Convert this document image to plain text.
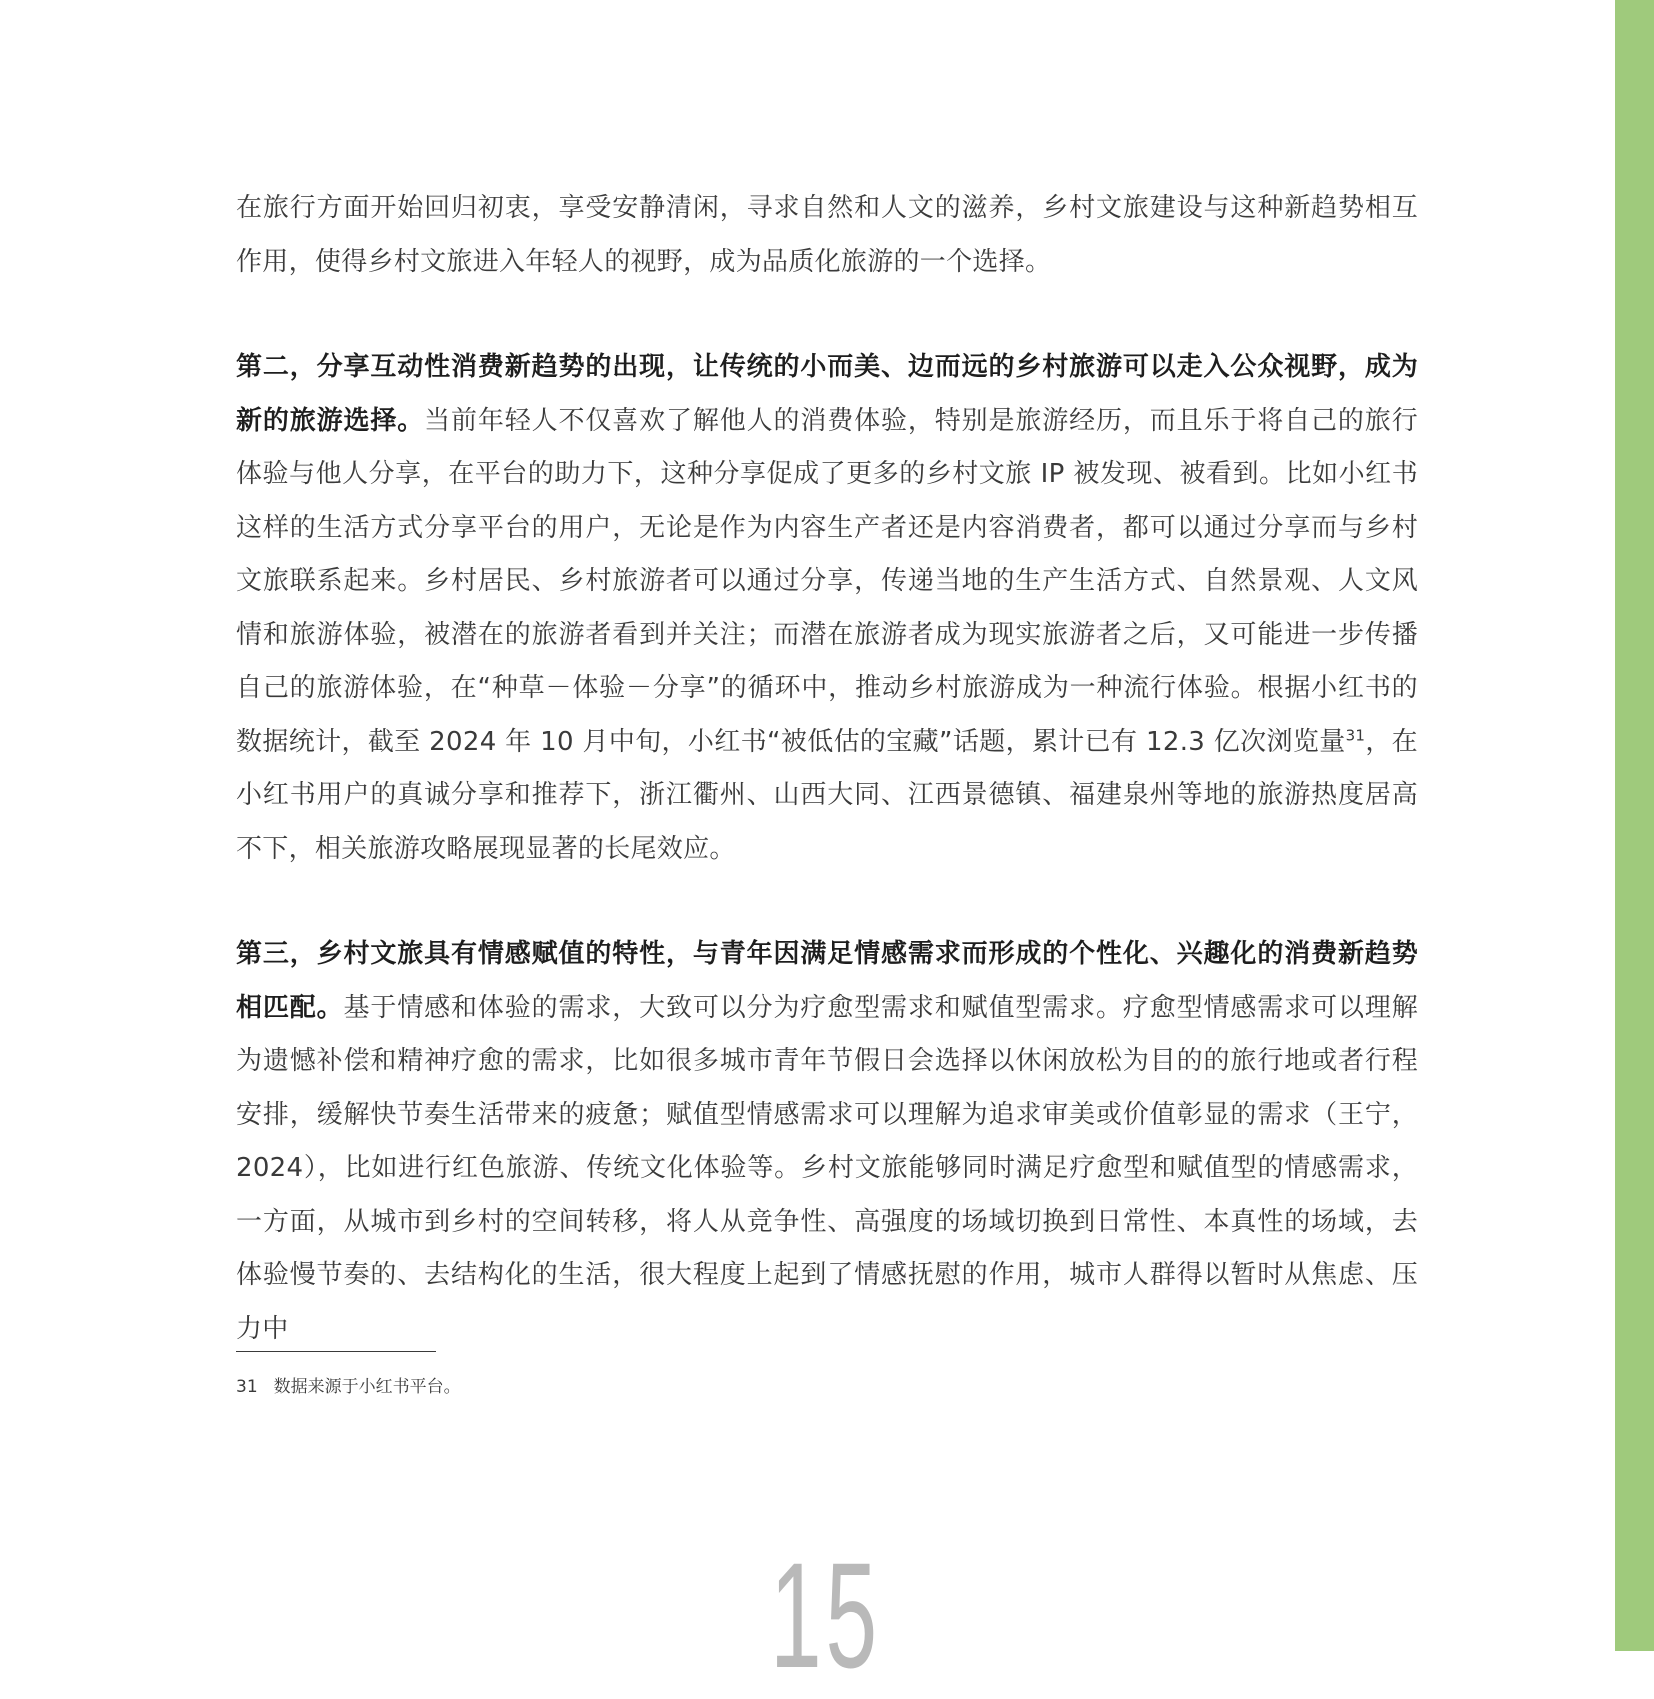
在旅行方面开始回归初衷，享受安静清闲，寻求自然和人文的滋养，乡村文旅建设与这种新趋势相互作用，使得乡村文旅进入年轻人的视野，成为品质化旅游的一个选择。

第二，分享互动性消费新趋势的出现，让传统的小而美、边而远的乡村旅游可以走入公众视野，成为新的旅游选择。当前年轻人不仅喜欢了解他人的消费体验，特别是旅游经历，而且乐于将自己的旅行体验与他人分享，在平台的助力下，这种分享促成了更多的乡村文旅 IP 被发现、被看到。比如小红书这样的生活方式分享平台的用户，无论是作为内容生产者还是内容消费者，都可以通过分享而与乡村文旅联系起来。乡村居民、乡村旅游者可以通过分享，传递当地的生产生活方式、自然景观、人文风情和旅游体验，被潜在的旅游者看到并关注；而潜在旅游者成为现实旅游者之后，又可能进一步传播自己的旅游体验，在“种草－体验－分享”的循环中，推动乡村旅游成为一种流行体验。根据小红书的数据统计，截至 2024 年 10 月中旬，小红书“被低估的宝藏”话题，累计已有 12.3 亿次浏览量$^{31}$，在小红书用户的真诚分享和推荐下，浙江衢州、山西大同、江西景德镇、福建泉州等地的旅游热度居高不下，相关旅游攻略展现显著的长尾效应。

第三，乡村文旅具有情感赋值的特性，与青年因满足情感需求而形成的个性化、兴趣化的消费新趋势相匹配。基于情感和体验的需求，大致可以分为疗愈型需求和赋值型需求。疗愈型情感需求可以理解为遗憾补偿和精神疗愈的需求，比如很多城市青年节假日会选择以休闲放松为目的的旅行地或者行程安排，缓解快节奏生活带来的疲惫；赋值型情感需求可以理解为追求审美或价值彰显的需求（王宁，2024），比如进行红色旅游、传统文化体验等。乡村文旅能够同时满足疗愈型和赋值型的情感需求，一方面，从城市到乡村的空间转移，将人从竞争性、高强度的场域切换到日常性、本真性的场域，去体验慢节奏的、去结构化的生活，很大程度上起到了情感抚慰的作用，城市人群得以暂时从焦虑、压力中

31 数据来源于小红书平台。
15
